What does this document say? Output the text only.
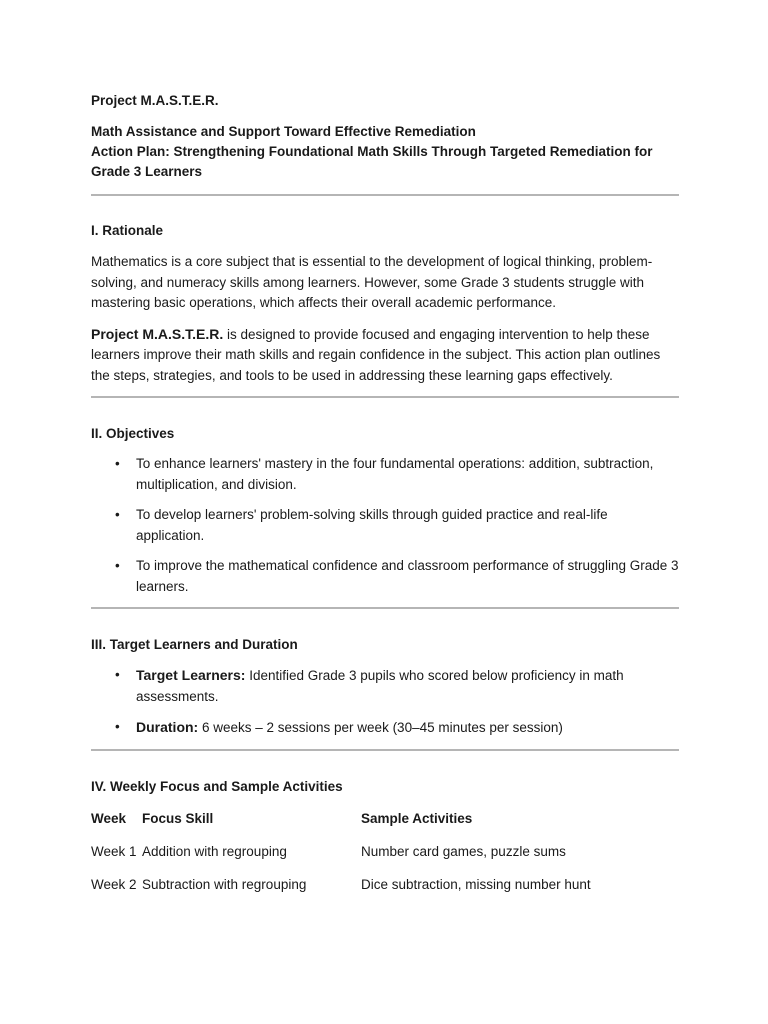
Project M.A.S.T.E.R.
Math Assistance and Support Toward Effective Remediation
Action Plan: Strengthening Foundational Math Skills Through Targeted Remediation for Grade 3 Learners
I. Rationale

Mathematics is a core subject that is essential to the development of logical thinking, problem-solving, and numeracy skills among learners. However, some Grade 3 students struggle with mastering basic operations, which affects their overall academic performance.

Project M.A.S.T.E.R. is designed to provide focused and engaging intervention to help these learners improve their math skills and regain confidence in the subject. This action plan outlines the steps, strategies, and tools to be used in addressing these learning gaps effectively.

II. Objectives
• To enhance learners' mastery in the four fundamental operations: addition, subtraction, multiplication, and division.
• To develop learners' problem-solving skills through guided practice and real-life application.
• To improve the mathematical confidence and classroom performance of struggling Grade 3 learners.
III. Target Learners and Duration
• Target Learners: Identified Grade 3 pupils who scored below proficiency in math assessments.
• Duration: 6 weeks – 2 sessions per week (30–45 minutes per session)
IV. Weekly Focus and Sample Activities
Week	Focus Skill	Sample Activities
Week 1	Addition with regrouping	Number card games, puzzle sums
Week 2	Subtraction with regrouping	Dice subtraction, missing number hunt
